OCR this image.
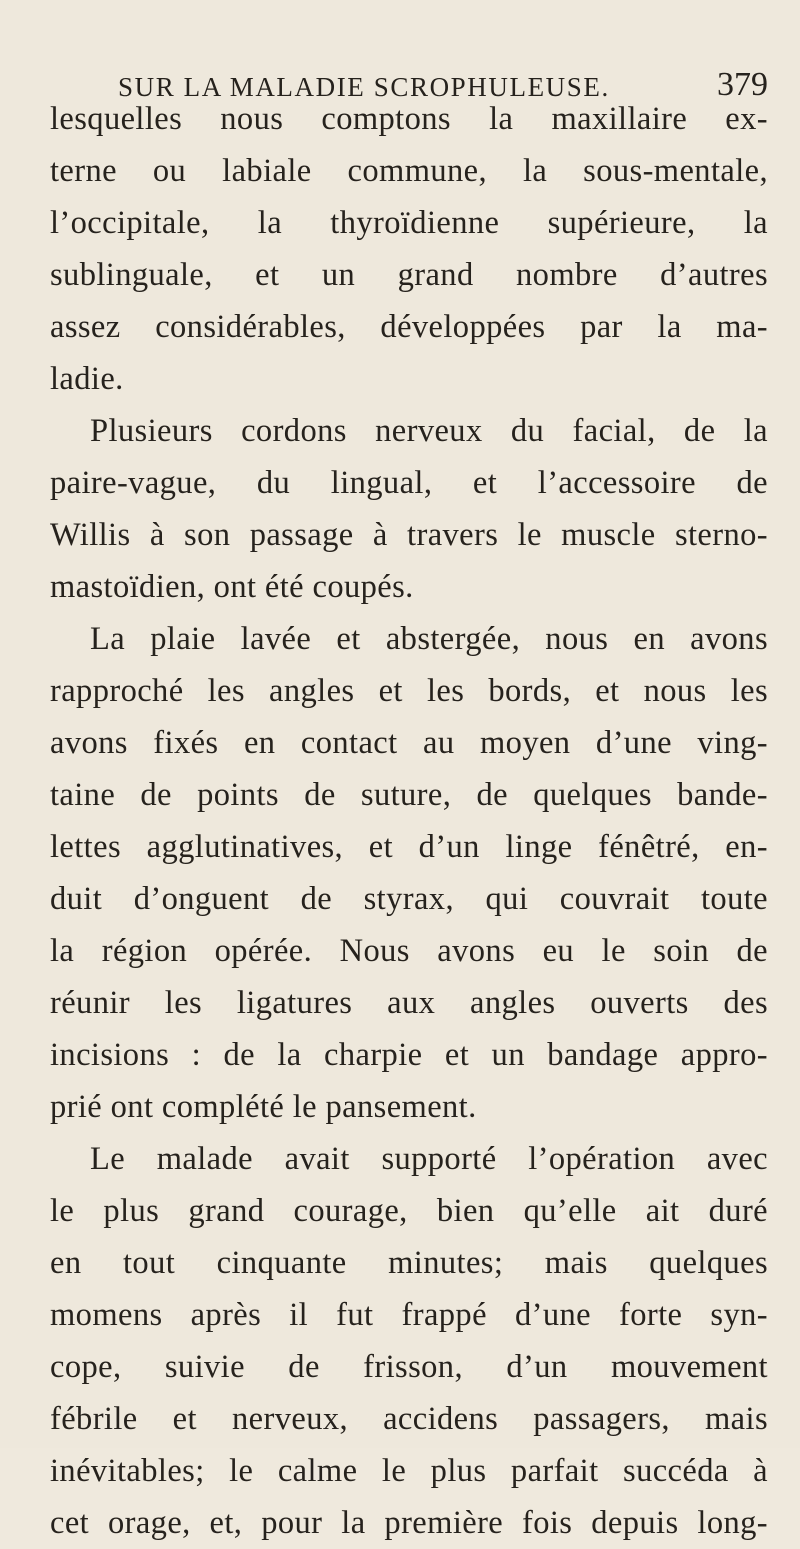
SUR LA MALADIE SCROPHULEUSE.	379
lesquelles nous comptons la maxillaire ex-
terne ou labiale commune, la sous-mentale,
l’occipitale, la thyroïdienne supérieure, la
sublinguale, et un grand nombre d’autres
assez considérables, développées par la ma-
ladie.
Plusieurs cordons nerveux du facial, de la
paire-vague, du lingual, et l’accessoire de
Willis à son passage à travers le muscle sterno-
mastoïdien, ont été coupés.
La plaie lavée et abstergée, nous en avons
rapproché les angles et les bords, et nous les
avons fixés en contact au moyen d’une ving-
taine de points de suture, de quelques bande-
lettes agglutinatives, et d’un linge fénêtré, en-
duit d’onguent de styrax, qui couvrait toute
la région opérée. Nous avons eu le soin de
réunir les ligatures aux angles ouverts des
incisions : de la charpie et un bandage appro-
prié ont complété le pansement.
Le malade avait supporté l’opération avec
le plus grand courage, bien qu’elle ait duré
en tout cinquante minutes; mais quelques
momens après il fut frappé d’une forte syn-
cope, suivie de frisson, d’un mouvement
fébrile et nerveux, accidens passagers, mais
inévitables; le calme le plus parfait succéda à
cet orage, et, pour la première fois depuis long-
